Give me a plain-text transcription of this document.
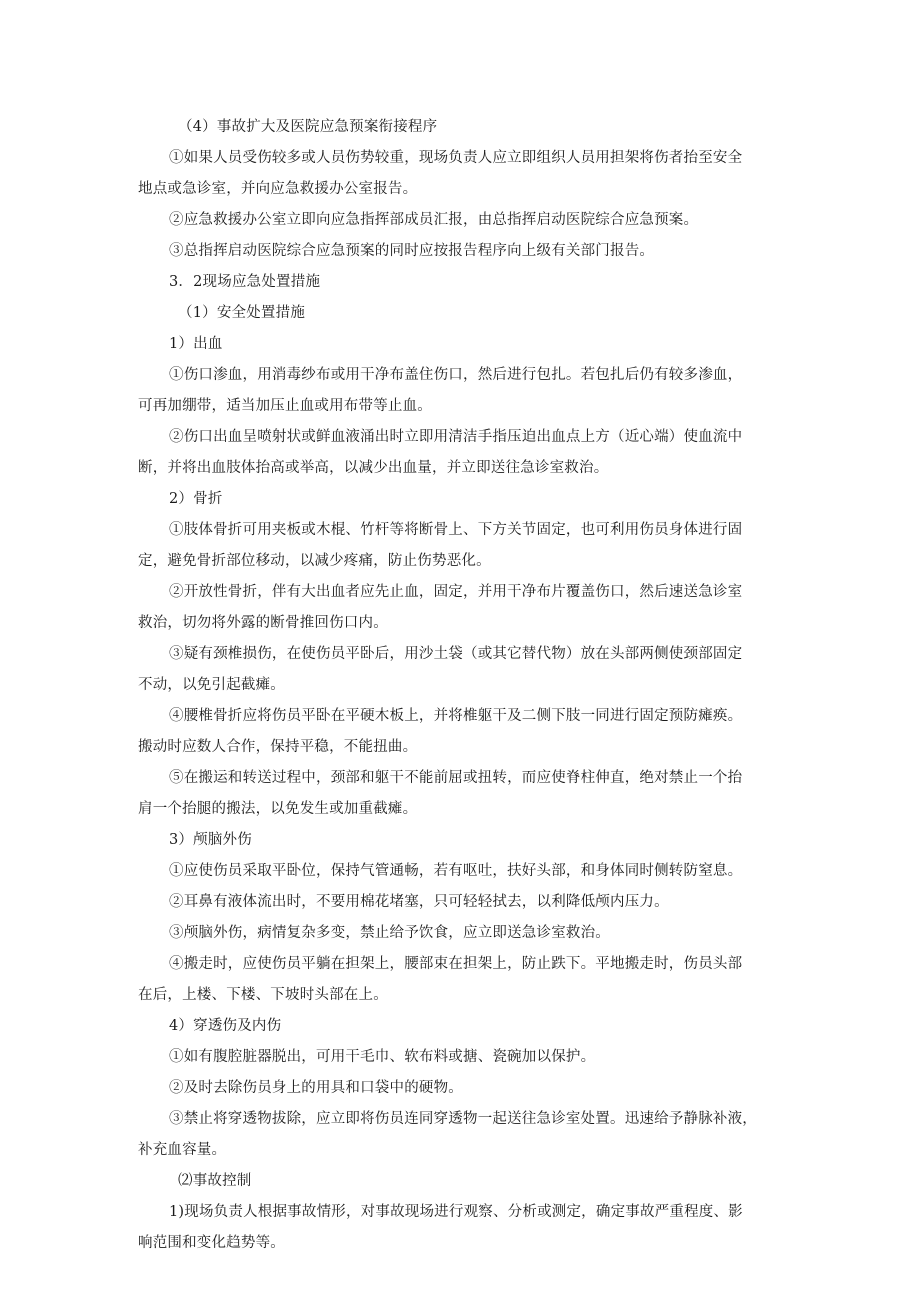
（4）事故扩大及医院应急预案衔接程序
①如果人员受伤较多或人员伤势较重，现场负责人应立即组织人员用担架将伤者抬至安全
地点或急诊室，并向应急救援办公室报告。
②应急救援办公室立即向应急指挥部成员汇报，由总指挥启动医院综合应急预案。
③总指挥启动医院综合应急预案的同时应按报告程序向上级有关部门报告。
3．2现场应急处置措施
（1）安全处置措施
1）出血
①伤口渗血，用消毒纱布或用干净布盖住伤口，然后进行包扎。若包扎后仍有较多渗血，
可再加绷带，适当加压止血或用布带等止血。
②伤口出血呈喷射状或鲜血液涌出时立即用清洁手指压迫出血点上方（近心端）使血流中
断，并将出血肢体抬高或举高，以减少出血量，并立即送往急诊室救治。
2）骨折
①肢体骨折可用夹板或木棍、竹杆等将断骨上、下方关节固定，也可利用伤员身体进行固
定，避免骨折部位移动，以减少疼痛，防止伤势恶化。
②开放性骨折，伴有大出血者应先止血，固定，并用干净布片覆盖伤口，然后速送急诊室
救治，切勿将外露的断骨推回伤口内。
③疑有颈椎损伤，在使伤员平卧后，用沙土袋（或其它替代物）放在头部两侧使颈部固定
不动，以免引起截瘫。
④腰椎骨折应将伤员平卧在平硬木板上，并将椎躯干及二侧下肢一同进行固定预防瘫痪。
搬动时应数人合作，保持平稳，不能扭曲。
⑤在搬运和转送过程中，颈部和躯干不能前屈或扭转，而应使脊柱伸直，绝对禁止一个抬
肩一个抬腿的搬法，以免发生或加重截瘫。
3）颅脑外伤
①应使伤员采取平卧位，保持气管通畅，若有呕吐，扶好头部，和身体同时侧转防窒息。
②耳鼻有液体流出时，不要用棉花堵塞，只可轻轻拭去，以利降低颅内压力。
③颅脑外伤，病情复杂多变，禁止给予饮食，应立即送急诊室救治。
④搬走时，应使伤员平躺在担架上，腰部束在担架上，防止跌下。平地搬走时，伤员头部
在后，上楼、下楼、下坡时头部在上。
4）穿透伤及内伤
①如有腹腔脏器脱出，可用干毛巾、软布料或搪、瓷碗加以保护。
②及时去除伤员身上的用具和口袋中的硬物。
③禁止将穿透物拔除，应立即将伤员连同穿透物一起送往急诊室处置。迅速给予静脉补液，
补充血容量。
⑵事故控制
1)现场负责人根据事故情形，对事故现场进行观察、分析或测定，确定事故严重程度、影
响范围和变化趋势等。
